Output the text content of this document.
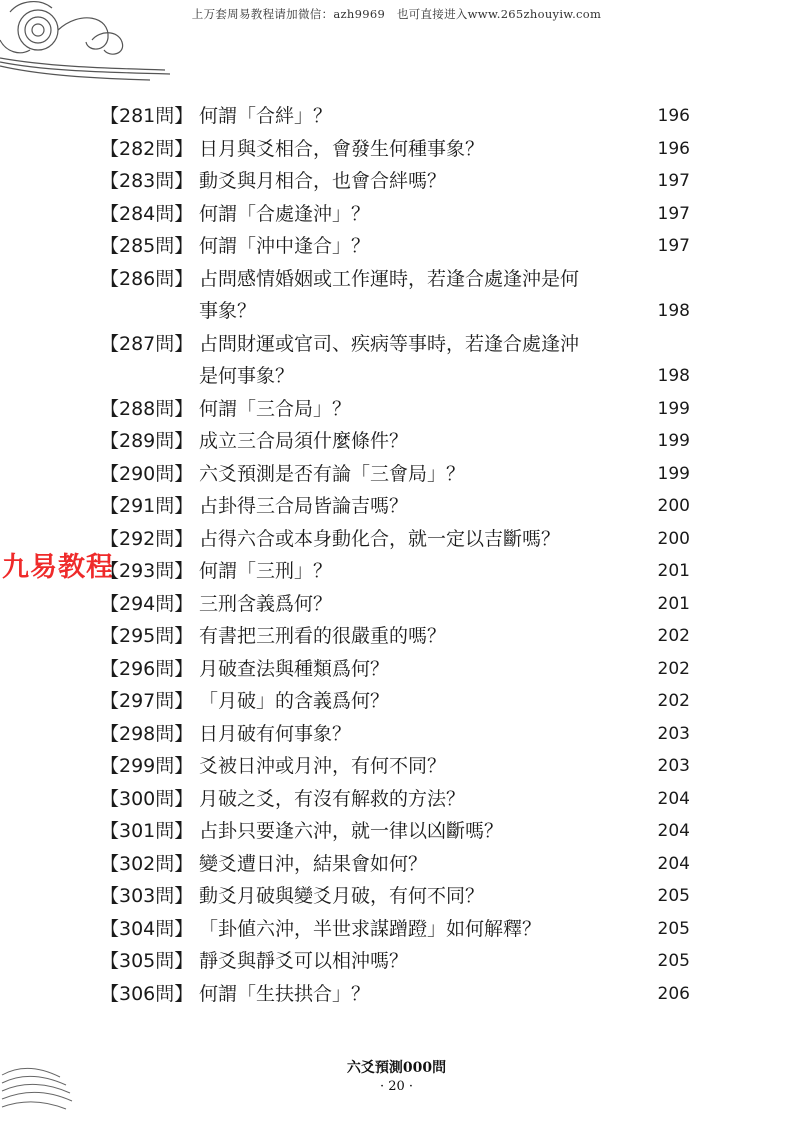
上万套周易教程请加微信：azh9969　也可直接进入www.265zhouyiw.com
九易教程
【281問】 何謂「合絆」？	196
【282問】 日月與爻相合，會發生何種事象？	196
【283問】 動爻與月相合，也會合絆嗎？	197
【284問】 何謂「合處逢沖」？	197
【285問】 何謂「沖中逢合」？	197
【286問】 占問感情婚姻或工作運時，若逢合處逢沖是何
事象？	198
【287問】 占問財運或官司、疾病等事時，若逢合處逢沖
是何事象？	198
【288問】 何謂「三合局」？	199
【289問】 成立三合局須什麼條件？	199
【290問】 六爻預測是否有論「三會局」？	199
【291問】 占卦得三合局皆論吉嗎？	200
【292問】 占得六合或本身動化合，就一定以吉斷嗎？	200
【293問】 何謂「三刑」？	201
【294問】 三刑含義爲何？	201
【295問】 有書把三刑看的很嚴重的嗎？	202
【296問】 月破查法與種類爲何？	202
【297問】 「月破」的含義爲何？	202
【298問】 日月破有何事象？	203
【299問】 爻被日沖或月沖，有何不同？	203
【300問】 月破之爻，有沒有解救的方法？	204
【301問】 占卦只要逢六沖，就一律以凶斷嗎？	204
【302問】 變爻遭日沖，結果會如何？	204
【303問】 動爻月破與變爻月破，有何不同？	205
【304問】 「卦値六沖，半世求謀蹭蹬」如何解釋？	205
【305問】 靜爻與靜爻可以相沖嗎？	205
【306問】 何謂「生扶拱合」？	206
六爻預測000問
· 20 ·
